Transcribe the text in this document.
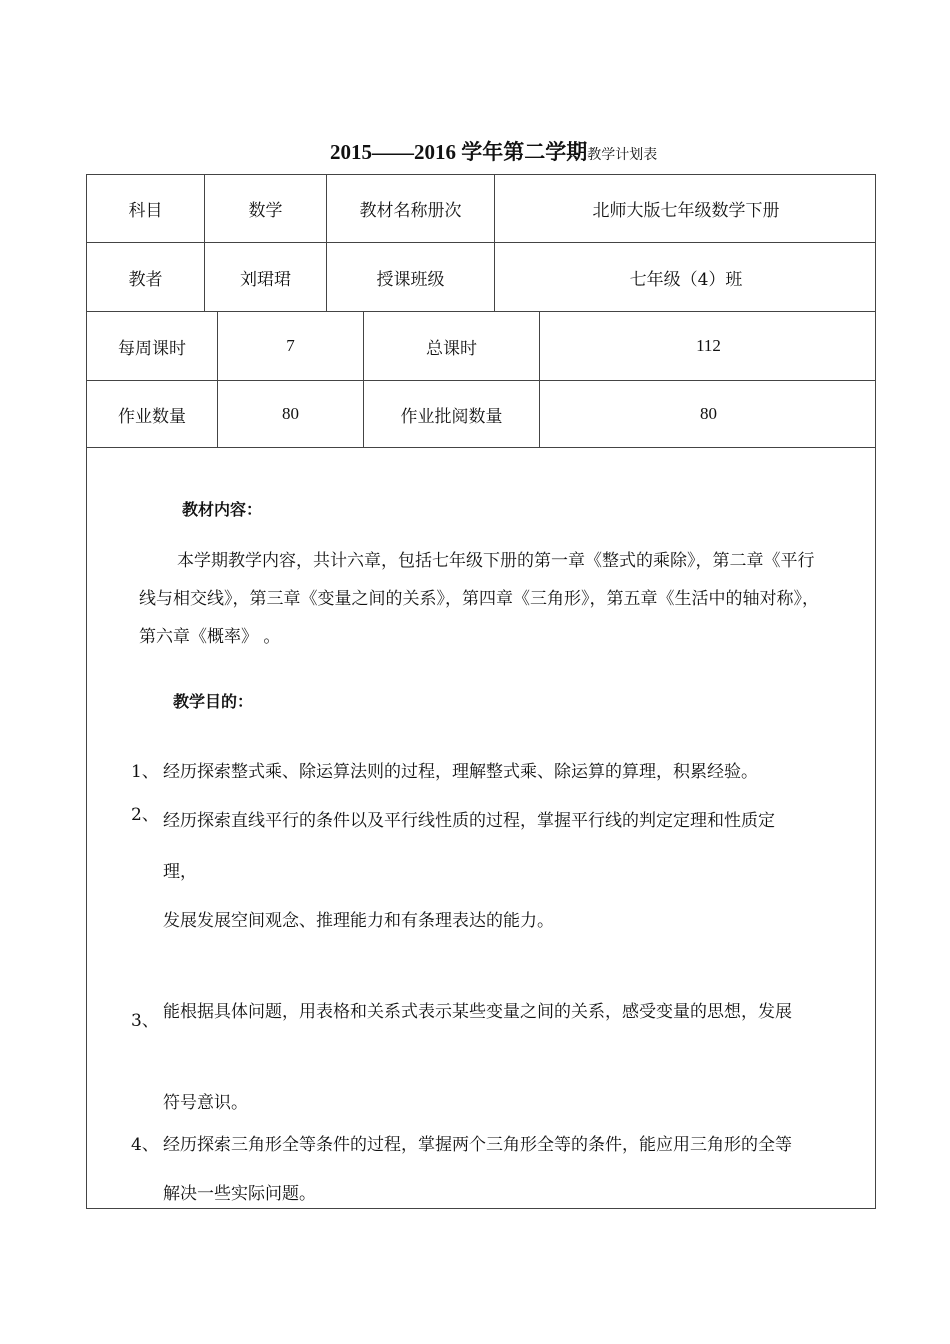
2015——2016 学年第二学期教学计划表
科目	数学	教材名称册次	北师大版七年级数学下册
教者	刘珺珺	授课班级	七年级（4）班
每周课时	7	总课时	112
作业数量	80	作业批阅数量	80
教材内容：
本学期教学内容，共计六章，包括七年级下册的第一章《整式的乘除》，第二章《平行
线与相交线》，第三章《变量之间的关系》，第四章《三角形》，第五章《生活中的轴对称》，
第六章《概率》 。
教学目的：
1、 经历探索整式乘、除运算法则的过程，理解整式乘、除运算的算理，积累经验。
2、 经历探索直线平行的条件以及平行线性质的过程，掌握平行线的判定定理和性质定
理，
发展发展空间观念、推理能力和有条理表达的能力。
3、 能根据具体问题，用表格和关系式表示某些变量之间的关系，感受变量的思想，发展
符号意识。
4、 经历探索三角形全等条件的过程，掌握两个三角形全等的条件，能应用三角形的全等
解决一些实际问题。
